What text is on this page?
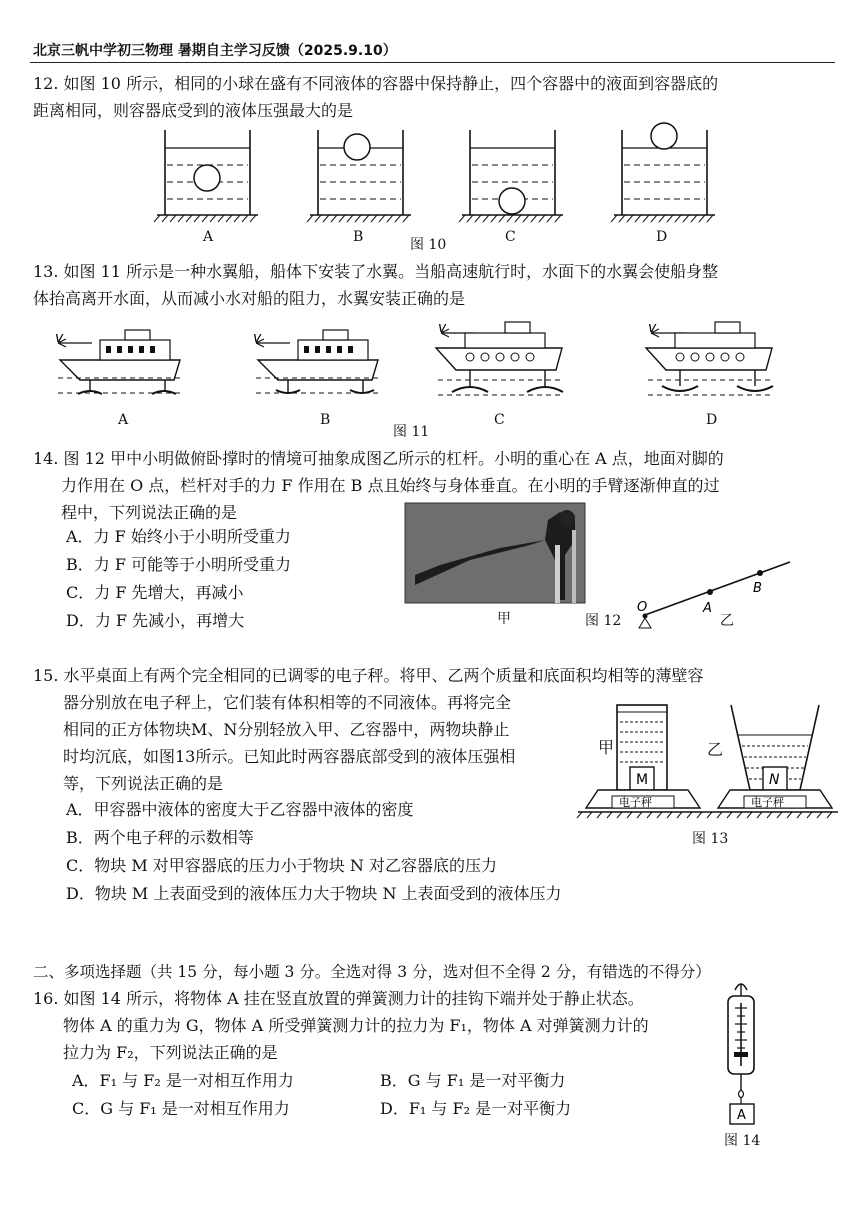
北京三帆中学初三物理 暑期自主学习反馈（2025.9.10）
12. 如图 10 所示，相同的小球在盛有不同液体的容器中保持静止，四个容器中的液面到容器底的
距离相同，则容器底受到的液体压强最大的是
A	B	图 10	C	D
13. 如图 11 所示是一种水翼船，船体下安装了水翼。当船高速航行时，水面下的水翼会使船身整
体抬高离开水面，从而减小水对船的阻力，水翼安装正确的是
v	v
v	v
A	B
图 11
C	D
14. 图 12 甲中小明做俯卧撑时的情境可抽象成图乙所示的杠杆。小明的重心在 A 点，地面对脚的
力作用在 O 点，栏杆对手的力 F 作用在 B 点且始终与身体垂直。在小明的手臂逐渐伸直的过
程中，下列说法正确的是
A．力 F 始终小于小明所受重力
B．力 F 可能等于小明所受重力
C．力 F 先增大，再减小
D．力 F 先减小，再增大
O	A
B
甲	图 12	乙
15. 水平桌面上有两个完全相同的已调零的电子秤。将甲、乙两个质量和底面积均相等的薄壁容
器分别放在电子秤上，它们装有体积相等的不同液体。再将完全
相同的正方体物块M、N分别轻放入甲、乙容器中，两物块静止
时均沉底，如图13所示。已知此时两容器底部受到的液体压强相
等，下列说法正确的是
A．甲容器中液体的密度大于乙容器中液体的密度
B．两个电子秤的示数相等
C．物块 M 对甲容器底的压力小于物块 N 对乙容器底的压力
D．物块 M 上表面受到的液体压力大于物块 N 上表面受到的液体压力
M
电子秤
N
电子秤
甲	乙
图 13
二、多项选择题（共 15 分，每小题 3 分。全选对得 3 分，选对但不全得 2 分，有错选的不得分）
16. 如图 14 所示，将物体 A 挂在竖直放置的弹簧测力计的挂钩下端并处于静止状态。
物体 A 的重力为 G，物体 A 所受弹簧测力计的拉力为 F₁，物体 A 对弹簧测力计的
拉力为 F₂，下列说法正确的是
A．F₁ 与 F₂ 是一对相互作用力	B．G 与 F₁ 是一对平衡力
C．G 与 F₁ 是一对相互作用力	D．F₁ 与 F₂ 是一对平衡力	A
图 14
